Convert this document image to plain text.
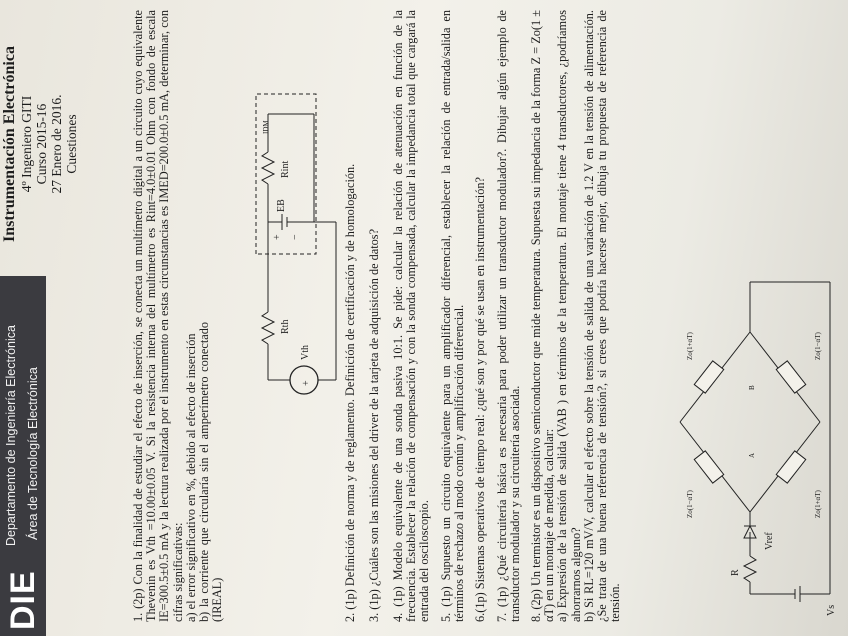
DIE
Departamento de Ingeniería Electrónica Área de Tecnología Electrónica
Instrumentación Electrónica 4º Ingeniero GITI Curso 2015-16 27 Enero de 2016. Cuestiones	1. (2p) Con la finalidad de estudiar el efecto de inserción, se conecta un multímetro digital a un circuito cuyo equivalente Thevenin es Vth =10.00±0.05 V. Si la resistencia interna del multímetro es Rint=4.0±0.01 Ohm con fondo de escala IE=300.5±0.5 mA y la lectura realizada por el instrumento en estas circunstancias es IMED=200.0±0.5 mA, determinar, con cifras significativas: a) el error significativo en %, debido al efecto de inserción b) la corriente que circularía sin el amperímetro conectado (IREAL)

+
Vth
Rth
IDM
EB
+ −
Rint	2. (1p) Definición de norma y de reglamento. Definición de certificación y de homologación. 3. (1p) ¿Cuáles son las misiones del driver de la tarjeta de adquisición de datos? 4. (1p) Modelo equivalente de una sonda pasiva 10:1. Se pide: calcular la relación de atenuación en función de la frecuencia. Establecer la relación de compensación y con la sonda compensada, calcular la impedancia total que cargará la entrada del osciloscopio. 5. (1p) Supuesto un circuito equivalente para un amplificador diferencial, establecer la relación de entrada/salida en términos de rechazo al modo común y amplificación diferencial. 6.(1p) Sistemas operativos de tiempo real: ¿qué son y por qué se usan en instrumentación? 7. (1p) ¿Qué circuitería básica es necesaria para poder utilizar un transductor modulador?. Dibujar algún ejemplo de transductor modulador y su circuitería asociada. 8. (2p) Un termistor es un dispositivo semiconductor que mide temperatura. Supuesta su impedancia de la forma Z = Zo(1 ± αT) en un montaje de medida, calcular: a) Expresión de la tensión de salida (VAB ) en términos de la temperatura. El montaje tiene 4 transductores, ¿podríamos ahorrarnos alguno? b) Si RL=120 mV/V, calcular el efecto sobre la tensión de salida de una variación de 1.2 V en la tensión de alimentación. ¿Se trata de una buena referencia de tensión?, si crees que podría hacerse mejor, dibuja tu propuesta de referencia de tensión.	Vs
R
Vref
Zo(1−αT)	Zo(1+αT)
Zo(1+αT)	Zo(1−αT)
A
B
